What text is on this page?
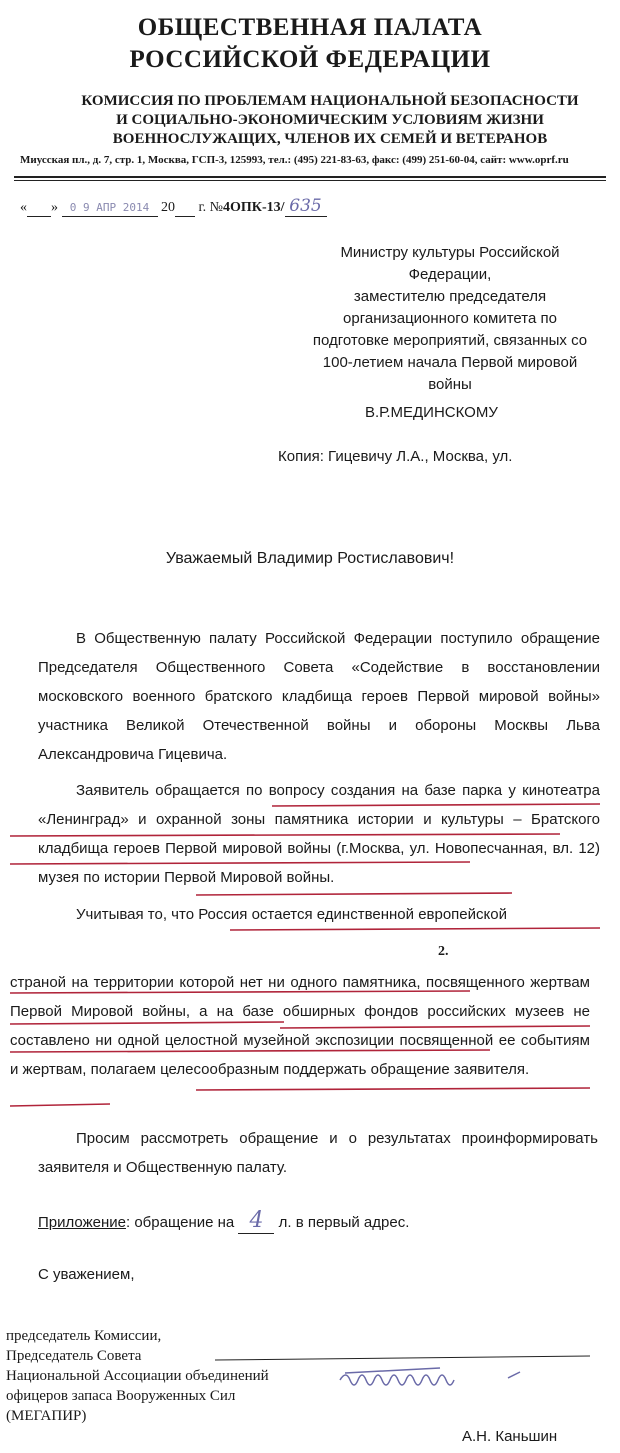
ОБЩЕСТВЕННАЯ ПАЛАТА
РОССИЙСКОЙ ФЕДЕРАЦИИ
КОМИССИЯ ПО ПРОБЛЕМАМ НАЦИОНАЛЬНОЙ БЕЗОПАСНОСТИ
И СОЦИАЛЬНО-ЭКОНОМИЧЕСКИМ УСЛОВИЯМ ЖИЗНИ
ВОЕННОСЛУЖАЩИХ, ЧЛЕНОВ ИХ СЕМЕЙ И ВЕТЕРАНОВ
Миусская пл., д. 7, стр. 1, Москва, ГСП-3, 125993, тел.: (495) 221-83-63, факс: (499) 251-60-04, сайт: www.oprf.ru
« » 0 9 АПР 2014 20 г. №4ОПК-13/ 635
Министру культуры Российской
Федерации,
заместителю председателя
организационного комитета по
подготовке мероприятий, связанных со
100-летием начала Первой мировой
войны
В.Р.МЕДИНСКОМУ
Копия: Гицевичу Л.А., Москва, ул.
Уважаемый Владимир Ростиславович!
В Общественную палату Российской Федерации поступило обращение Председателя Общественного Совета «Содействие в восстановлении московского военного братского кладбища героев Первой мировой войны» участника Великой Отечественной войны и обороны Москвы Льва Александровича Гицевича.
Заявитель обращается по вопросу создания на базе парка у кинотеатра «Ленинград» и охранной зоны памятника истории и культуры – Братского кладбища героев Первой мировой войны (г.Москва, ул. Новопесчанная, вл. 12) музея по истории Первой Мировой войны.
Учитывая то, что Россия остается единственной европейской
2.
страной на территории которой нет ни одного памятника, посвященного жертвам Первой Мировой войны, а на базе обширных фондов российских музеев не составлено ни одной целостной музейной экспозиции посвященной ее событиям и жертвам, полагаем целесообразным поддержать обращение заявителя.
Просим рассмотреть обращение и о результатах проинформировать заявителя и Общественную палату.
Приложение: обращение на 4 л. в первый адрес.
С уважением,
председатель Комиссии,
Председатель Совета
Национальной Ассоциации объединений
офицеров запаса Вооруженных Сил
(МЕГАПИР)
А.Н. Каньшин
